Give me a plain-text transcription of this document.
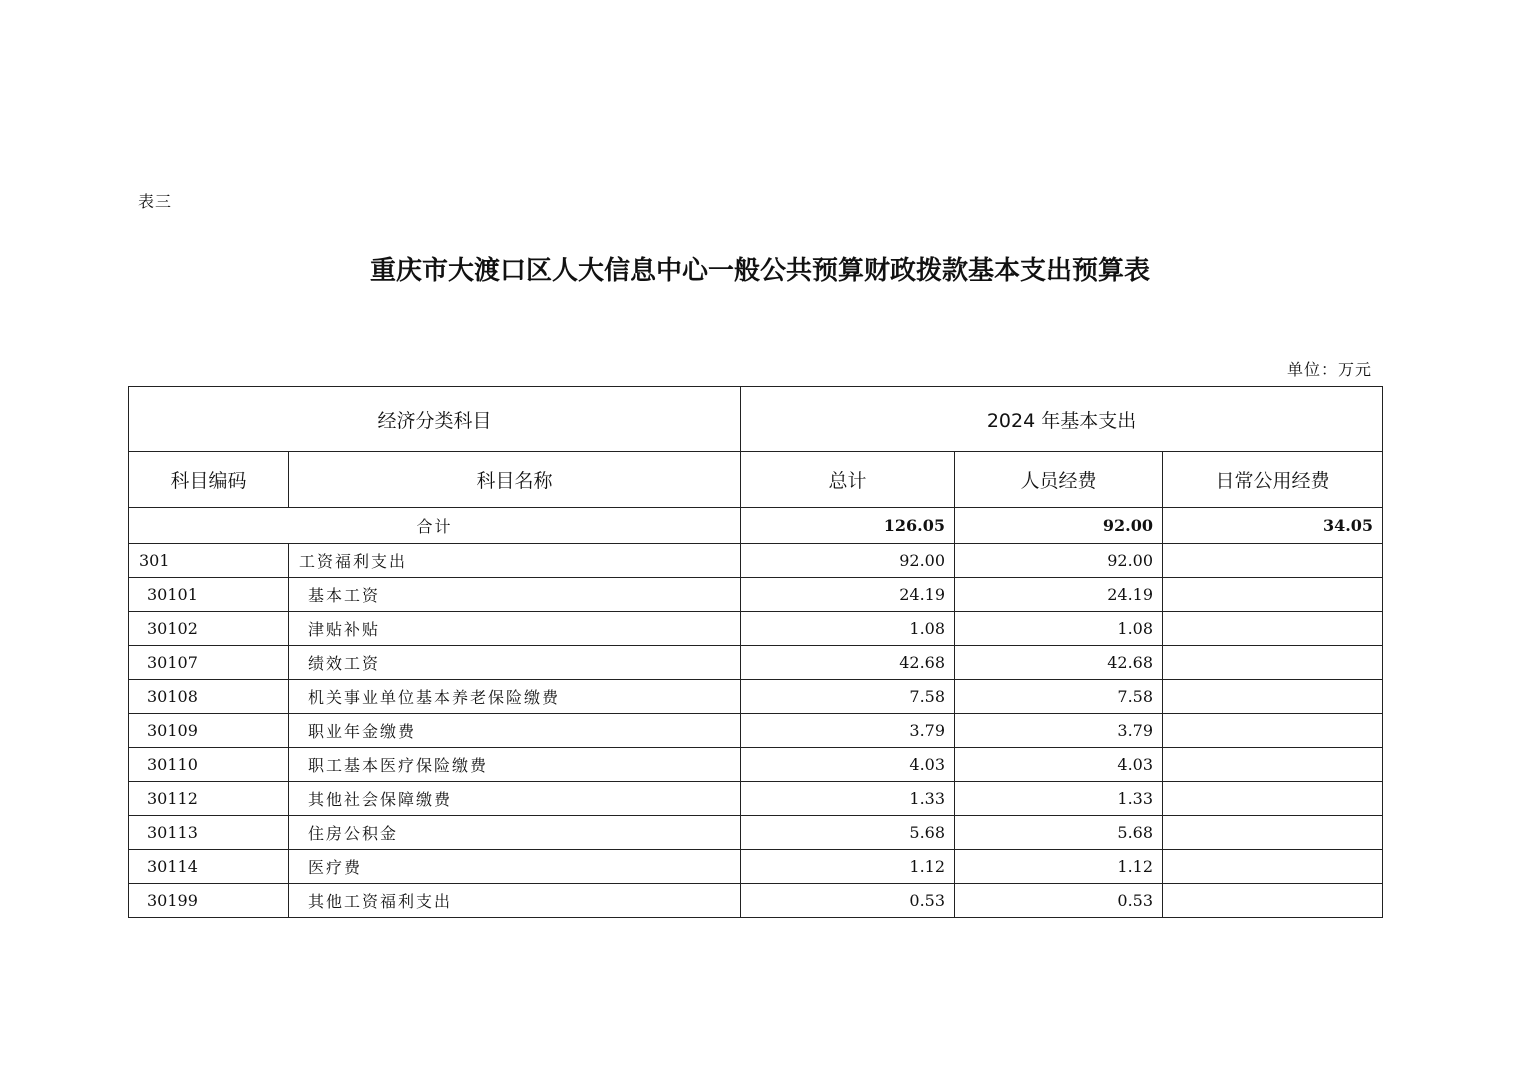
表三
重庆市大渡口区人大信息中心一般公共预算财政拨款基本支出预算表
单位：万元
经济分类科目		2024 年基本支出		
科目编码	科目名称	总计	人员经费	日常公用经费
合计		126.05	92.00	34.05
301	工资福利支出	92.00	92.00	
30101	基本工资	24.19	24.19	
30102	津贴补贴	1.08	1.08	
30107	绩效工资	42.68	42.68	
30108	机关事业单位基本养老保险缴费	7.58	7.58	
30109	职业年金缴费	3.79	3.79	
30110	职工基本医疗保险缴费	4.03	4.03	
30112	其他社会保障缴费	1.33	1.33	
30113	住房公积金	5.68	5.68	
30114	医疗费	1.12	1.12	
30199	其他工资福利支出	0.53	0.53	
